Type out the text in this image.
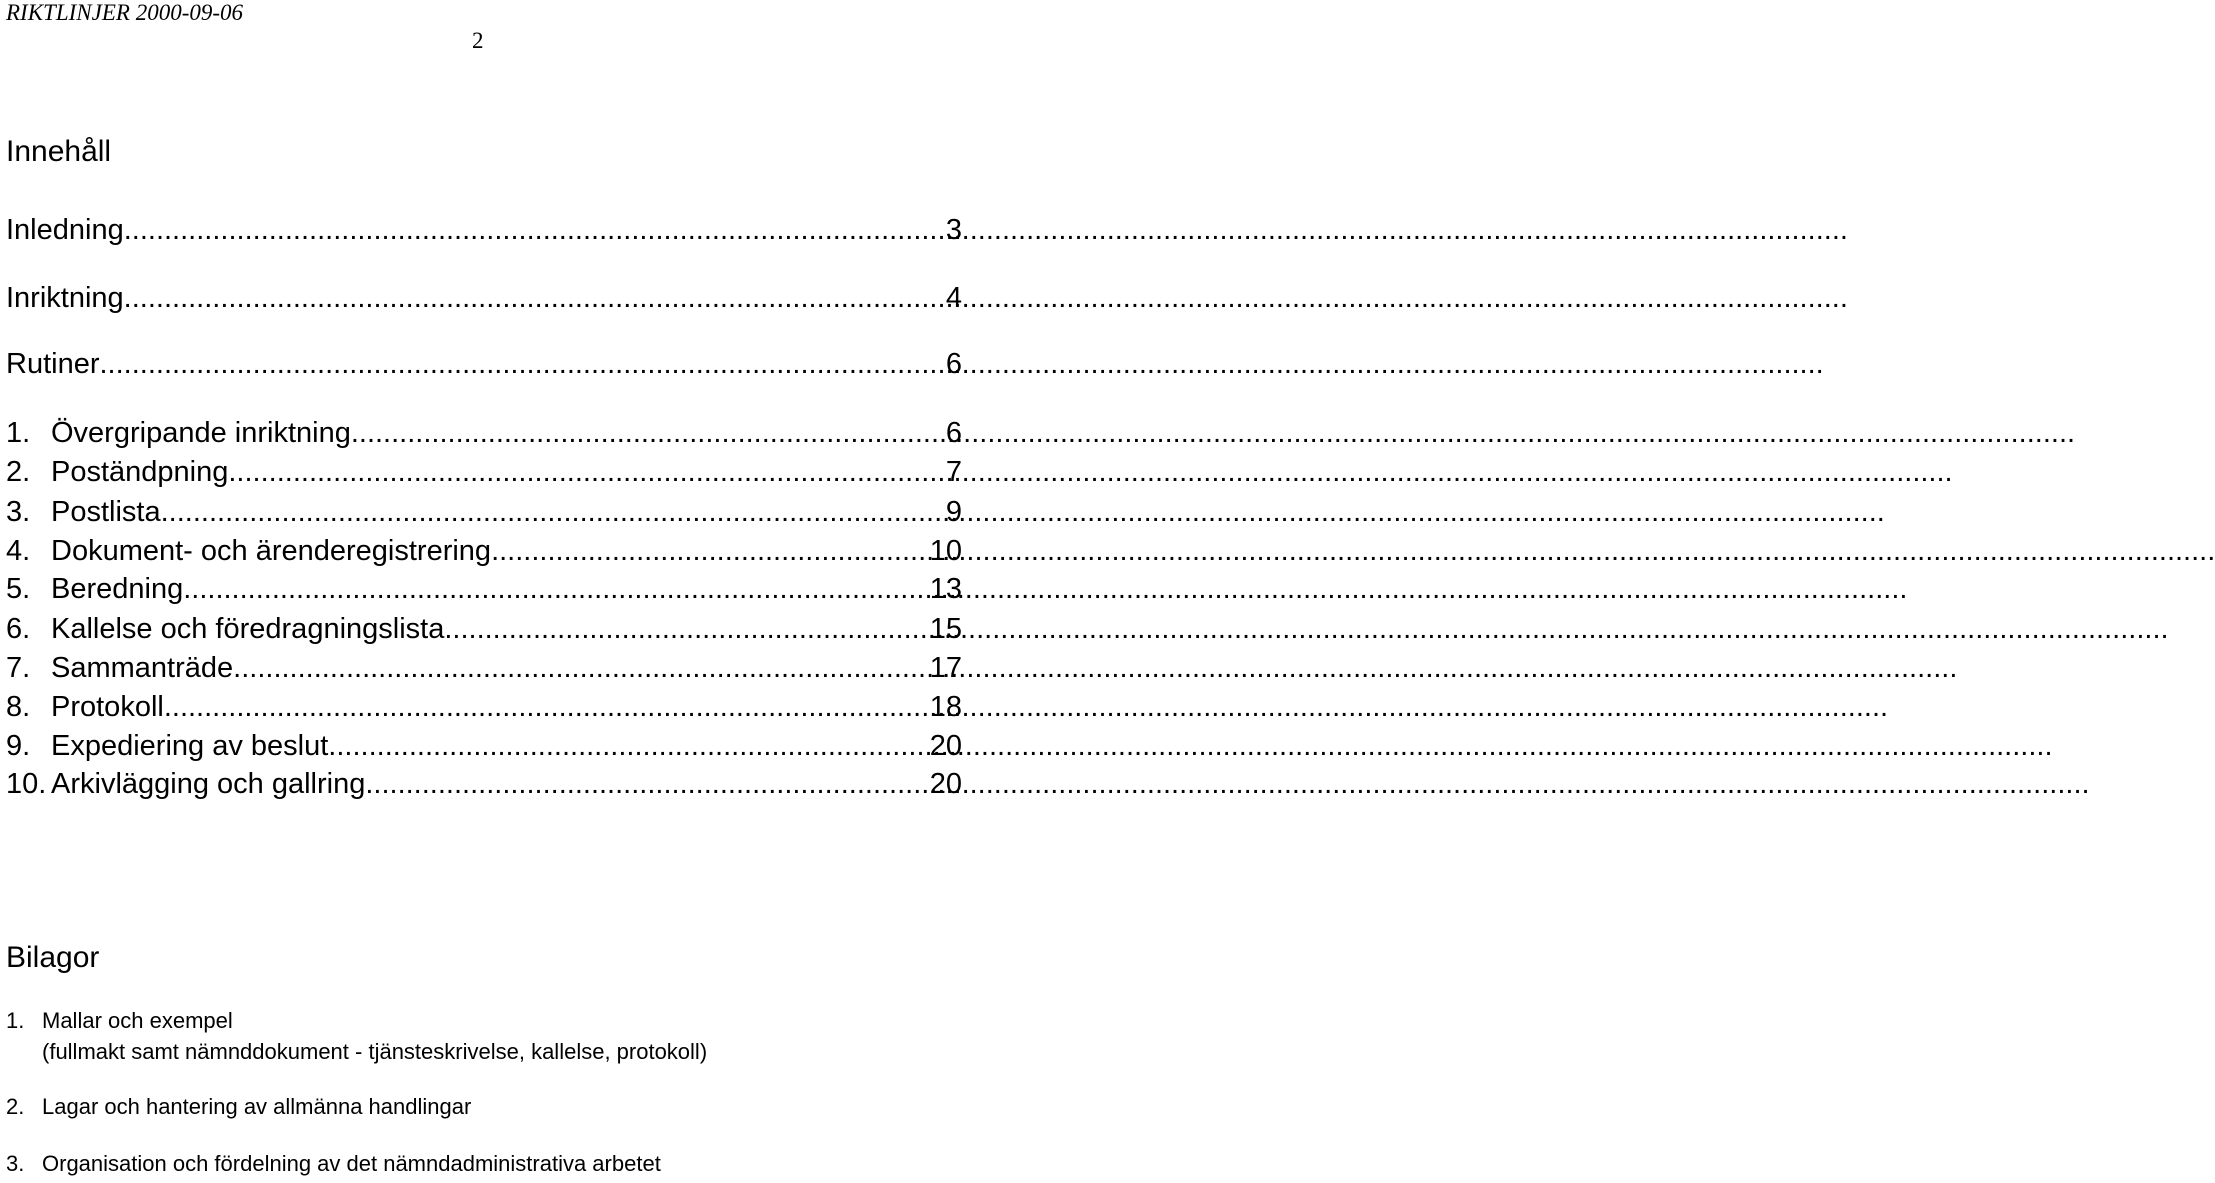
RIKTLINJER 2000-09-06
2
Innehåll
Inledning .....	3
Inriktning .....	4
Rutiner .....	6
1. Övergripande inriktning .....	6
2. Poständpning .....	7
3. Postlista .....	9
4. Dokument- och ärenderegistrering .....	10
5. Beredning .....	13
6. Kallelse och föredragningslista .....	15
7. Sammanträde .....	17
8. Protokoll .....	18
9. Expediering av beslut .....	20
10. Arkivlägging och gallring .....	20
Bilagor
1. Mallar och exempel
(fullmakt samt nämnddokument - tjänsteskrivelse, kallelse, protokoll)
2. Lagar och hantering av allmänna handlingar
3. Organisation och fördelning av det nämndadministrativa arbetet
